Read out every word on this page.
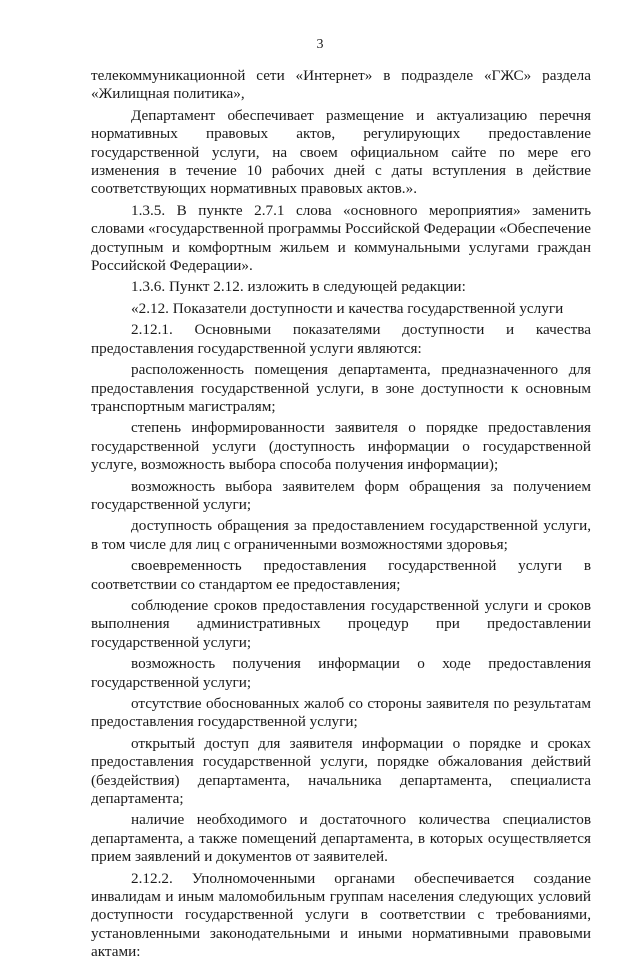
3

телекоммуникационной сети «Интернет» в подразделе «ГЖС» раздела «Жилищная политика»,

Департамент обеспечивает размещение и актуализацию перечня нормативных правовых актов, регулирующих предоставление государственной услуги, на своем официальном сайте по мере его изменения в течение 10 рабочих дней с даты вступления в действие соответствующих нормативных правовых актов.».

1.3.5. В пункте 2.7.1 слова «основного мероприятия» заменить словами «государственной программы Российской Федерации «Обеспечение доступным и комфортным жильем и коммунальными услугами граждан Российской Федерации».

1.3.6. Пункт 2.12. изложить в следующей редакции:

«2.12. Показатели доступности и качества государственной услуги

2.12.1. Основными показателями доступности и качества предоставления государственной услуги являются:

расположенность помещения департамента, предназначенного для предоставления государственной услуги, в зоне доступности к основным транспортным магистралям;

степень информированности заявителя о порядке предоставления государственной услуги (доступность информации о государственной услуге, возможность выбора способа получения информации);

возможность выбора заявителем форм обращения за получением государственной услуги;

доступность обращения за предоставлением государственной услуги, в том числе для лиц с ограниченными возможностями здоровья;

своевременность предоставления государственной услуги в соответствии со стандартом ее предоставления;

соблюдение сроков предоставления государственной услуги и сроков выполнения административных процедур при предоставлении государственной услуги;

возможность получения информации о ходе предоставления государственной услуги;

отсутствие обоснованных жалоб со стороны заявителя по результатам предоставления государственной услуги;

открытый доступ для заявителя информации о порядке и сроках предоставления государственной услуги, порядке обжалования действий (бездействия) департамента, начальника департамента, специалиста департамента;

наличие необходимого и достаточного количества специалистов департамента, а также помещений департамента, в которых осуществляется прием заявлений и документов от заявителей.

2.12.2. Уполномоченными органами обеспечивается создание инвалидам и иным маломобильным группам населения следующих условий доступности государственной услуги в соответствии с требованиями, установленными законодательными и иными нормативными правовыми актами:
